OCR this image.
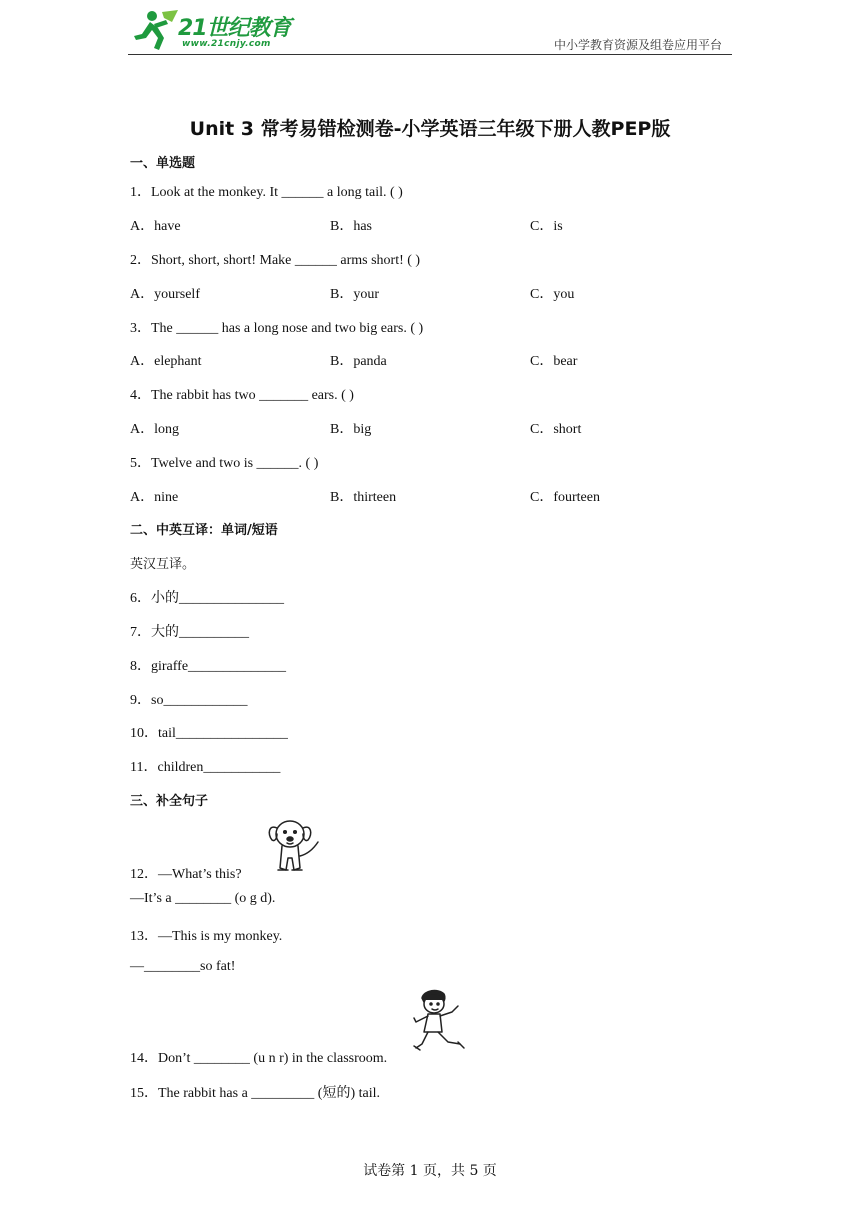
21世纪教育
www.21cnjy.com	中小学教育资源及组卷应用平台
Unit 3 常考易错检测卷-小学英语三年级下册人教PEP版
一、单选题
1．Look at the monkey. It ______ a long tail. ( )
A．have	B．has	C．is
2．Short, short, short! Make ______ arms short! ( )
A．yourself	B．your	C．you
3．The ______ has a long nose and two big ears. ( )
A．elephant	B．panda	C．bear
4．The rabbit has two _______ ears. ( )
A．long	B．big	C．short
5．Twelve and two is ______. ( )
A．nine	B．thirteen	C．fourteen
二、中英互译：单词/短语
英汉互译。
6．小的_______________
7．大的__________
8．giraffe______________
9．so____________
10．tail________________
11．children___________
三、补全句子
12．—What’s this?
—It’s a ________ (o g d).
13．—This is my monkey.
—________so fat!
14．Don’t ________ (u n r) in the classroom.
15．The rabbit has a _________ (短的) tail.
试卷第 1 页，共 5 页
